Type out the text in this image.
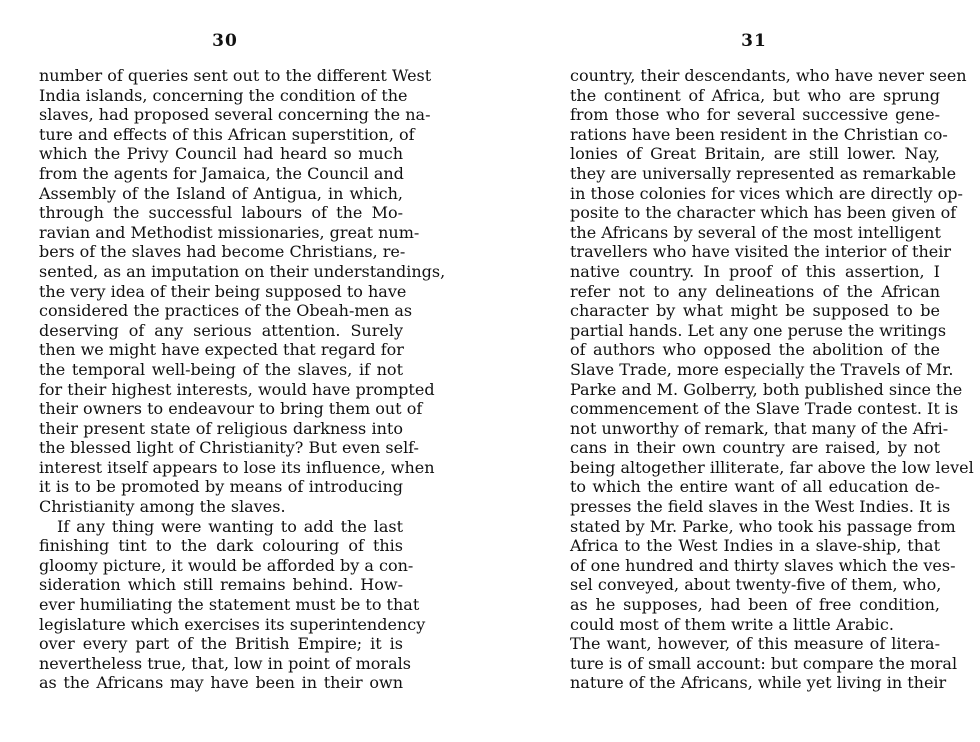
30
number of queries sent out to the different West
India islands, concerning the condition of the
slaves, had proposed several concerning the na-
ture and effects of this African superstition, of
which the Privy Council had heard so much
from the agents for Jamaica, the Council and
Assembly of the Island of Antigua, in which,
through the successful labours of the Mo-
ravian and Methodist missionaries, great num-
bers of the slaves had become Christians, re-
sented, as an imputation on their understandings,
the very idea of their being supposed to have
considered the practices of the Obeah-men as
deserving of any serious attention. Surely
then we might have expected that regard for
the temporal well-being of the slaves, if not
for their highest interests, would have prompted
their owners to endeavour to bring them out of
their present state of religious darkness into
the blessed light of Christianity? But even self-
interest itself appears to lose its influence, when
it is to be promoted by means of introducing
Christianity among the slaves.
If any thing were wanting to add the last
finishing tint to the dark colouring of this
gloomy picture, it would be afforded by a con-
sideration which still remains behind. How-
ever humiliating the statement must be to that
legislature which exercises its superintendency
over every part of the British Empire; it is
nevertheless true, that, low in point of morals
as the Africans may have been in their own
31
country, their descendants, who have never seen
the continent of Africa, but who are sprung
from those who for several successive gene-
rations have been resident in the Christian co-
lonies of Great Britain, are still lower. Nay,
they are universally represented as remarkable
in those colonies for vices which are directly op-
posite to the character which has been given of
the Africans by several of the most intelligent
travellers who have visited the interior of their
native country. In proof of this assertion, I
refer not to any delineations of the African
character by what might be supposed to be
partial hands. Let any one peruse the writings
of authors who opposed the abolition of the
Slave Trade, more especially the Travels of Mr.
Parke and M. Golberry, both published since the
commencement of the Slave Trade contest. It is
not unworthy of remark, that many of the Afri-
cans in their own country are raised, by not
being altogether illiterate, far above the low level
to which the entire want of all education de-
presses the field slaves in the West Indies. It is
stated by Mr. Parke, who took his passage from
Africa to the West Indies in a slave-ship, that
of one hundred and thirty slaves which the ves-
sel conveyed, about twenty-five of them, who,
as he supposes, had been of free condition,
could most of them write a little Arabic.
The want, however, of this measure of litera-
ture is of small account: but compare the moral
nature of the Africans, while yet living in their
